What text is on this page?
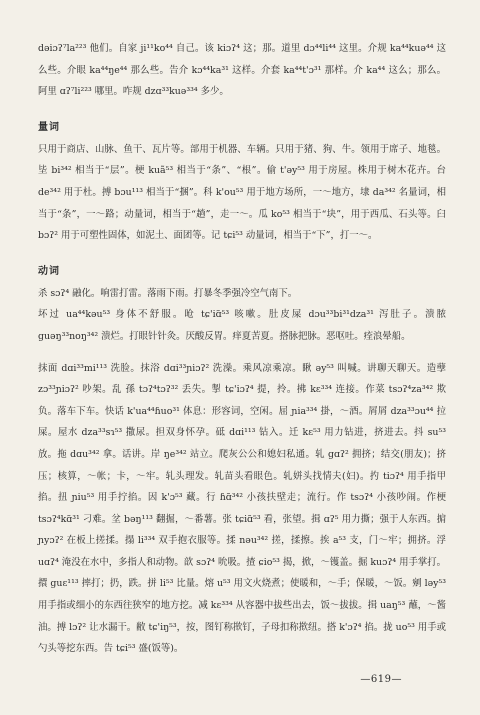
dəiɔʔ⁷la²²³ 他们。自家 ji¹¹ko⁴⁴ 自己。该 kiɔʔ⁴ 这；那。道里 dɔ⁴⁴li⁴⁴ 这里。介规 ka⁴⁴kuə⁴⁴ 这么些。介眼 ka⁴⁴ŋe⁴⁴ 那么些。告介 kɔ⁴⁴ka³¹ 这样。介套 ka⁴⁴t'ɔ³¹ 那样。介 ka⁴⁴ 这么；那么。阿里 ɑʔ⁷li²²³ 哪里。咋规 dzɑ³³kuə³³⁴ 多少。

量词

只用于商店、山脉、鱼干、瓦片等。部用于机器、车辆。只用于猪、狗、牛。领用于席子、地毯。坒 bi³⁴² 相当于“层”。梗 kuã⁵³ 相当于“条”、“根”。偷 t'əy⁵³ 用于房屋。株用于树木花卉。台 de³⁴² 用于杜。搏 bɔu¹¹³ 相当于“捆”。科 k'ou⁵³ 用于地方场所，一～地方，埭 da³⁴² 名量词，相当于“条”，一～路；动量词，相当于“趟”，走一～。瓜 ko⁵³ 相当于“块”，用于西瓜、石头等。臼 bɔʔ² 用于可塑性固体，如泥土、面团等。记 tɕi⁵³ 动量词，相当于“下”，打一～。

动词

杀 sɔʔ⁴ 融化。响雷打雷。落雨下雨。打暴冬季强冷空气南下。

坏过 ua⁴⁴kəu⁵³ 身体不舒服。呛 tɕ'iɑ̃⁵³ 咳嗽。肚皮屎 dɔu³³bi³¹dza³¹ 泻肚子。溃脓 guəŋ³³noŋ³⁴² 溃烂。打眼针针灸。厌酸反胃。痒夏苦夏。搭脉把脉。恶呕吐。痊浪晕船。

抹面 dɑi³³mi¹¹³ 洗脸。抹浴 dɑi³³ɲiɔʔ² 洗澡。乘风凉乘凉。瞅 əy⁵³ 叫喊。讲聊天聊天。造孽 zɔ³³ɲiɔʔ² 吵架。乱 孫 tɔʔ⁴tɔʔ³² 丢失。掣 tɕ'iɔʔ⁴ 提，拎。拂 kɛ³³⁴ 连接。作菜 tsɔʔ⁴za³⁴² 欺负。落车下车。快话 k'ua⁴⁴ɦuo³¹ 体息：形容词，空闲。屈 ɲia³³⁴ 掛，～酒。屑屑 dza³³ɔu⁴⁴ 拉屎。屋水 dza³³sɿ⁵³ 撒尿。担双身怀孕。砥 dɑi¹¹³ 钻入。迁 kɛ⁵³ 用力钻进，挤进去。抖 su⁵³ 放。拖 dɑu³⁴² 拿。话讲。岸 ŋe³⁴² 站立。爬灰公公和媳妇私通。轧 gɑʔ² 拥挤；结交(朋友)；挤压；核算，～帐；卡，～牢。轧头理发。轧苗头看眼色。轧姘头找情夫(妇)。扚 tiɔʔ⁴ 用手指甲掐。扭 ɲiu⁵³ 用手拧掐。因 k'ɔ⁵³ 藏。行 ɦɑ̃³⁴² 小孩扶壁走；流行。作 tsɔʔ⁴ 小孩吵闹。作梗 tsɔʔ⁴kɑ̃³¹ 刁难。坌 bəŋ¹¹³ 翻掘，～番薯。张 tɕiɑ̃⁵³ 看，张望。揖 ɑʔ⁵ 用力撕；强于人东西。掮 ɲyɔʔ² 在板上搓揉。搨 li³³⁴ 双手抱衣服等。揉 nəu³⁴² 搓，揉擦。挨 a⁵³ 支，门～牢；拥挤。浮 uɑʔ⁴ 淹没在水中，多指人和动物。歆 sɔʔ⁴ 吮吸。揸 ɕio⁵³ 揭，掀，～镬盖。掘 kuɔʔ⁴ 用手掌打。擐 guɛ¹¹³ 摔打；扔，跌。拼 li⁵³ 比量。熔 u⁵³ 用文火烧煮；使暖和，～手；保暖，～饭。剜 ləy⁵³ 用手指或细小的东西往狭窄的地方挖。减 kɛ³³⁴ 从容器中拔些出去，饭～拔拔。揖 uaŋ⁵³ 蘸，～酱油。搏 lɔʔ² 让水漏干。敝 tɕ'iŋ⁵³，按，图钉称揿钉，子母扣称揿纽。搭 k'ɔʔ⁴ 掐。拢 uo⁵³ 用手或勺头等挖东西。告 tɕi⁵³ 盛(饭等)。

—619—
